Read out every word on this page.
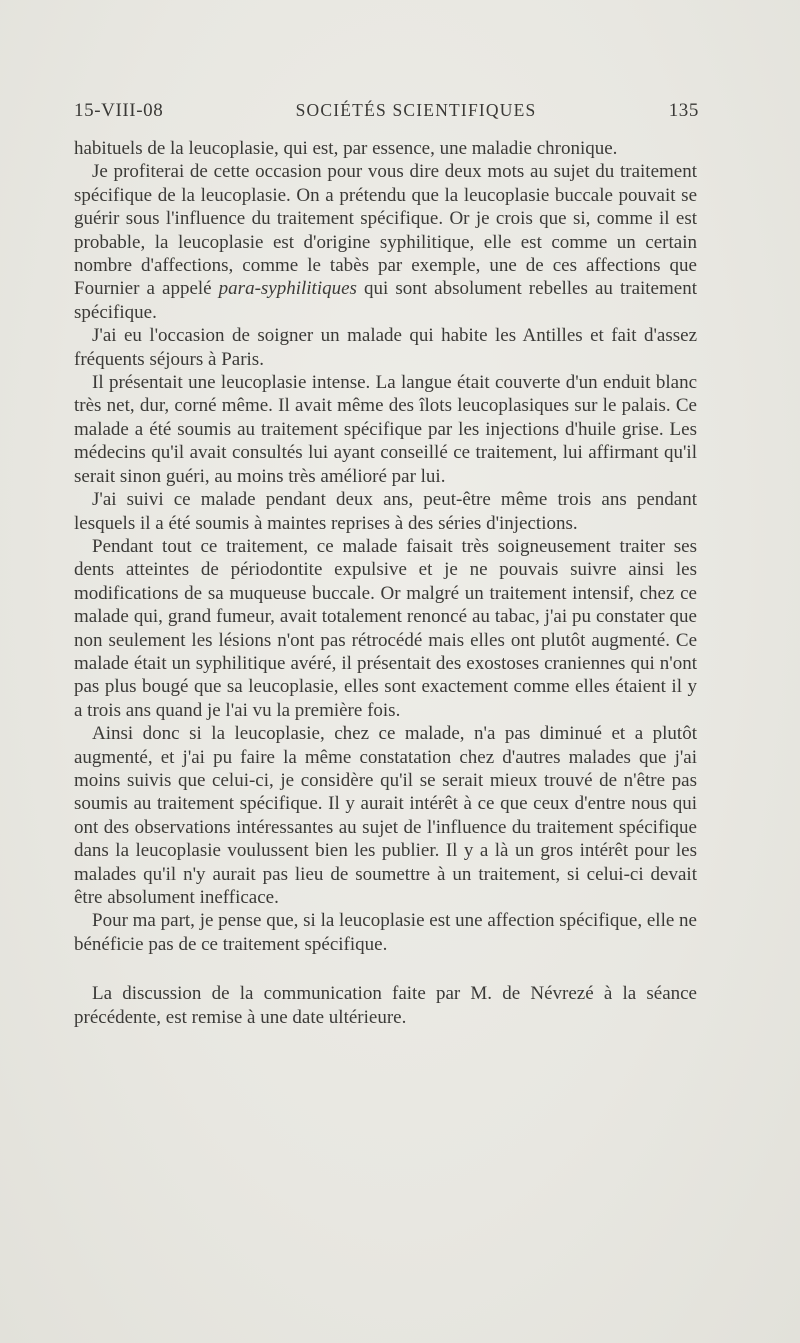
15-VIII-08	SOCIÉTÉS SCIENTIFIQUES	135

habituels de la leucoplasie, qui est, par essence, une maladie chronique.

Je profiterai de cette occasion pour vous dire deux mots au sujet du traitement spécifique de la leucoplasie. On a prétendu que la leucoplasie buccale pouvait se guérir sous l'influence du traitement spécifique. Or je crois que si, comme il est probable, la leucoplasie est d'origine syphilitique, elle est comme un certain nombre d'affections, comme le tabès par exemple, une de ces affections que Fournier a appelé para-syphilitiques qui sont absolument rebelles au traitement spécifique.

J'ai eu l'occasion de soigner un malade qui habite les Antilles et fait d'assez fréquents séjours à Paris.

Il présentait une leucoplasie intense. La langue était couverte d'un enduit blanc très net, dur, corné même. Il avait même des îlots leucoplasiques sur le palais. Ce malade a été soumis au traitement spécifique par les injections d'huile grise. Les médecins qu'il avait consultés lui ayant conseillé ce traitement, lui affirmant qu'il serait sinon guéri, au moins très amélioré par lui.

J'ai suivi ce malade pendant deux ans, peut-être même trois ans pendant lesquels il a été soumis à maintes reprises à des séries d'injections.

Pendant tout ce traitement, ce malade faisait très soigneusement traiter ses dents atteintes de périodontite expulsive et je ne pouvais suivre ainsi les modifications de sa muqueuse buccale. Or malgré un traitement intensif, chez ce malade qui, grand fumeur, avait totalement renoncé au tabac, j'ai pu constater que non seulement les lésions n'ont pas rétrocédé mais elles ont plutôt augmenté. Ce malade était un syphilitique avéré, il présentait des exostoses craniennes qui n'ont pas plus bougé que sa leucoplasie, elles sont exactement comme elles étaient il y a trois ans quand je l'ai vu la première fois.

Ainsi donc si la leucoplasie, chez ce malade, n'a pas diminué et a plutôt augmenté, et j'ai pu faire la même constatation chez d'autres malades que j'ai moins suivis que celui-ci, je considère qu'il se serait mieux trouvé de n'être pas soumis au traitement spécifique. Il y aurait intérêt à ce que ceux d'entre nous qui ont des observations intéressantes au sujet de l'influence du traitement spécifique dans la leucoplasie voulussent bien les publier. Il y a là un gros intérêt pour les malades qu'il n'y aurait pas lieu de soumettre à un traitement, si celui-ci devait être absolument inefficace.

Pour ma part, je pense que, si la leucoplasie est une affection spécifique, elle ne bénéficie pas de ce traitement spécifique.

La discussion de la communication faite par M. de Névrezé à la séance précédente, est remise à une date ultérieure.
